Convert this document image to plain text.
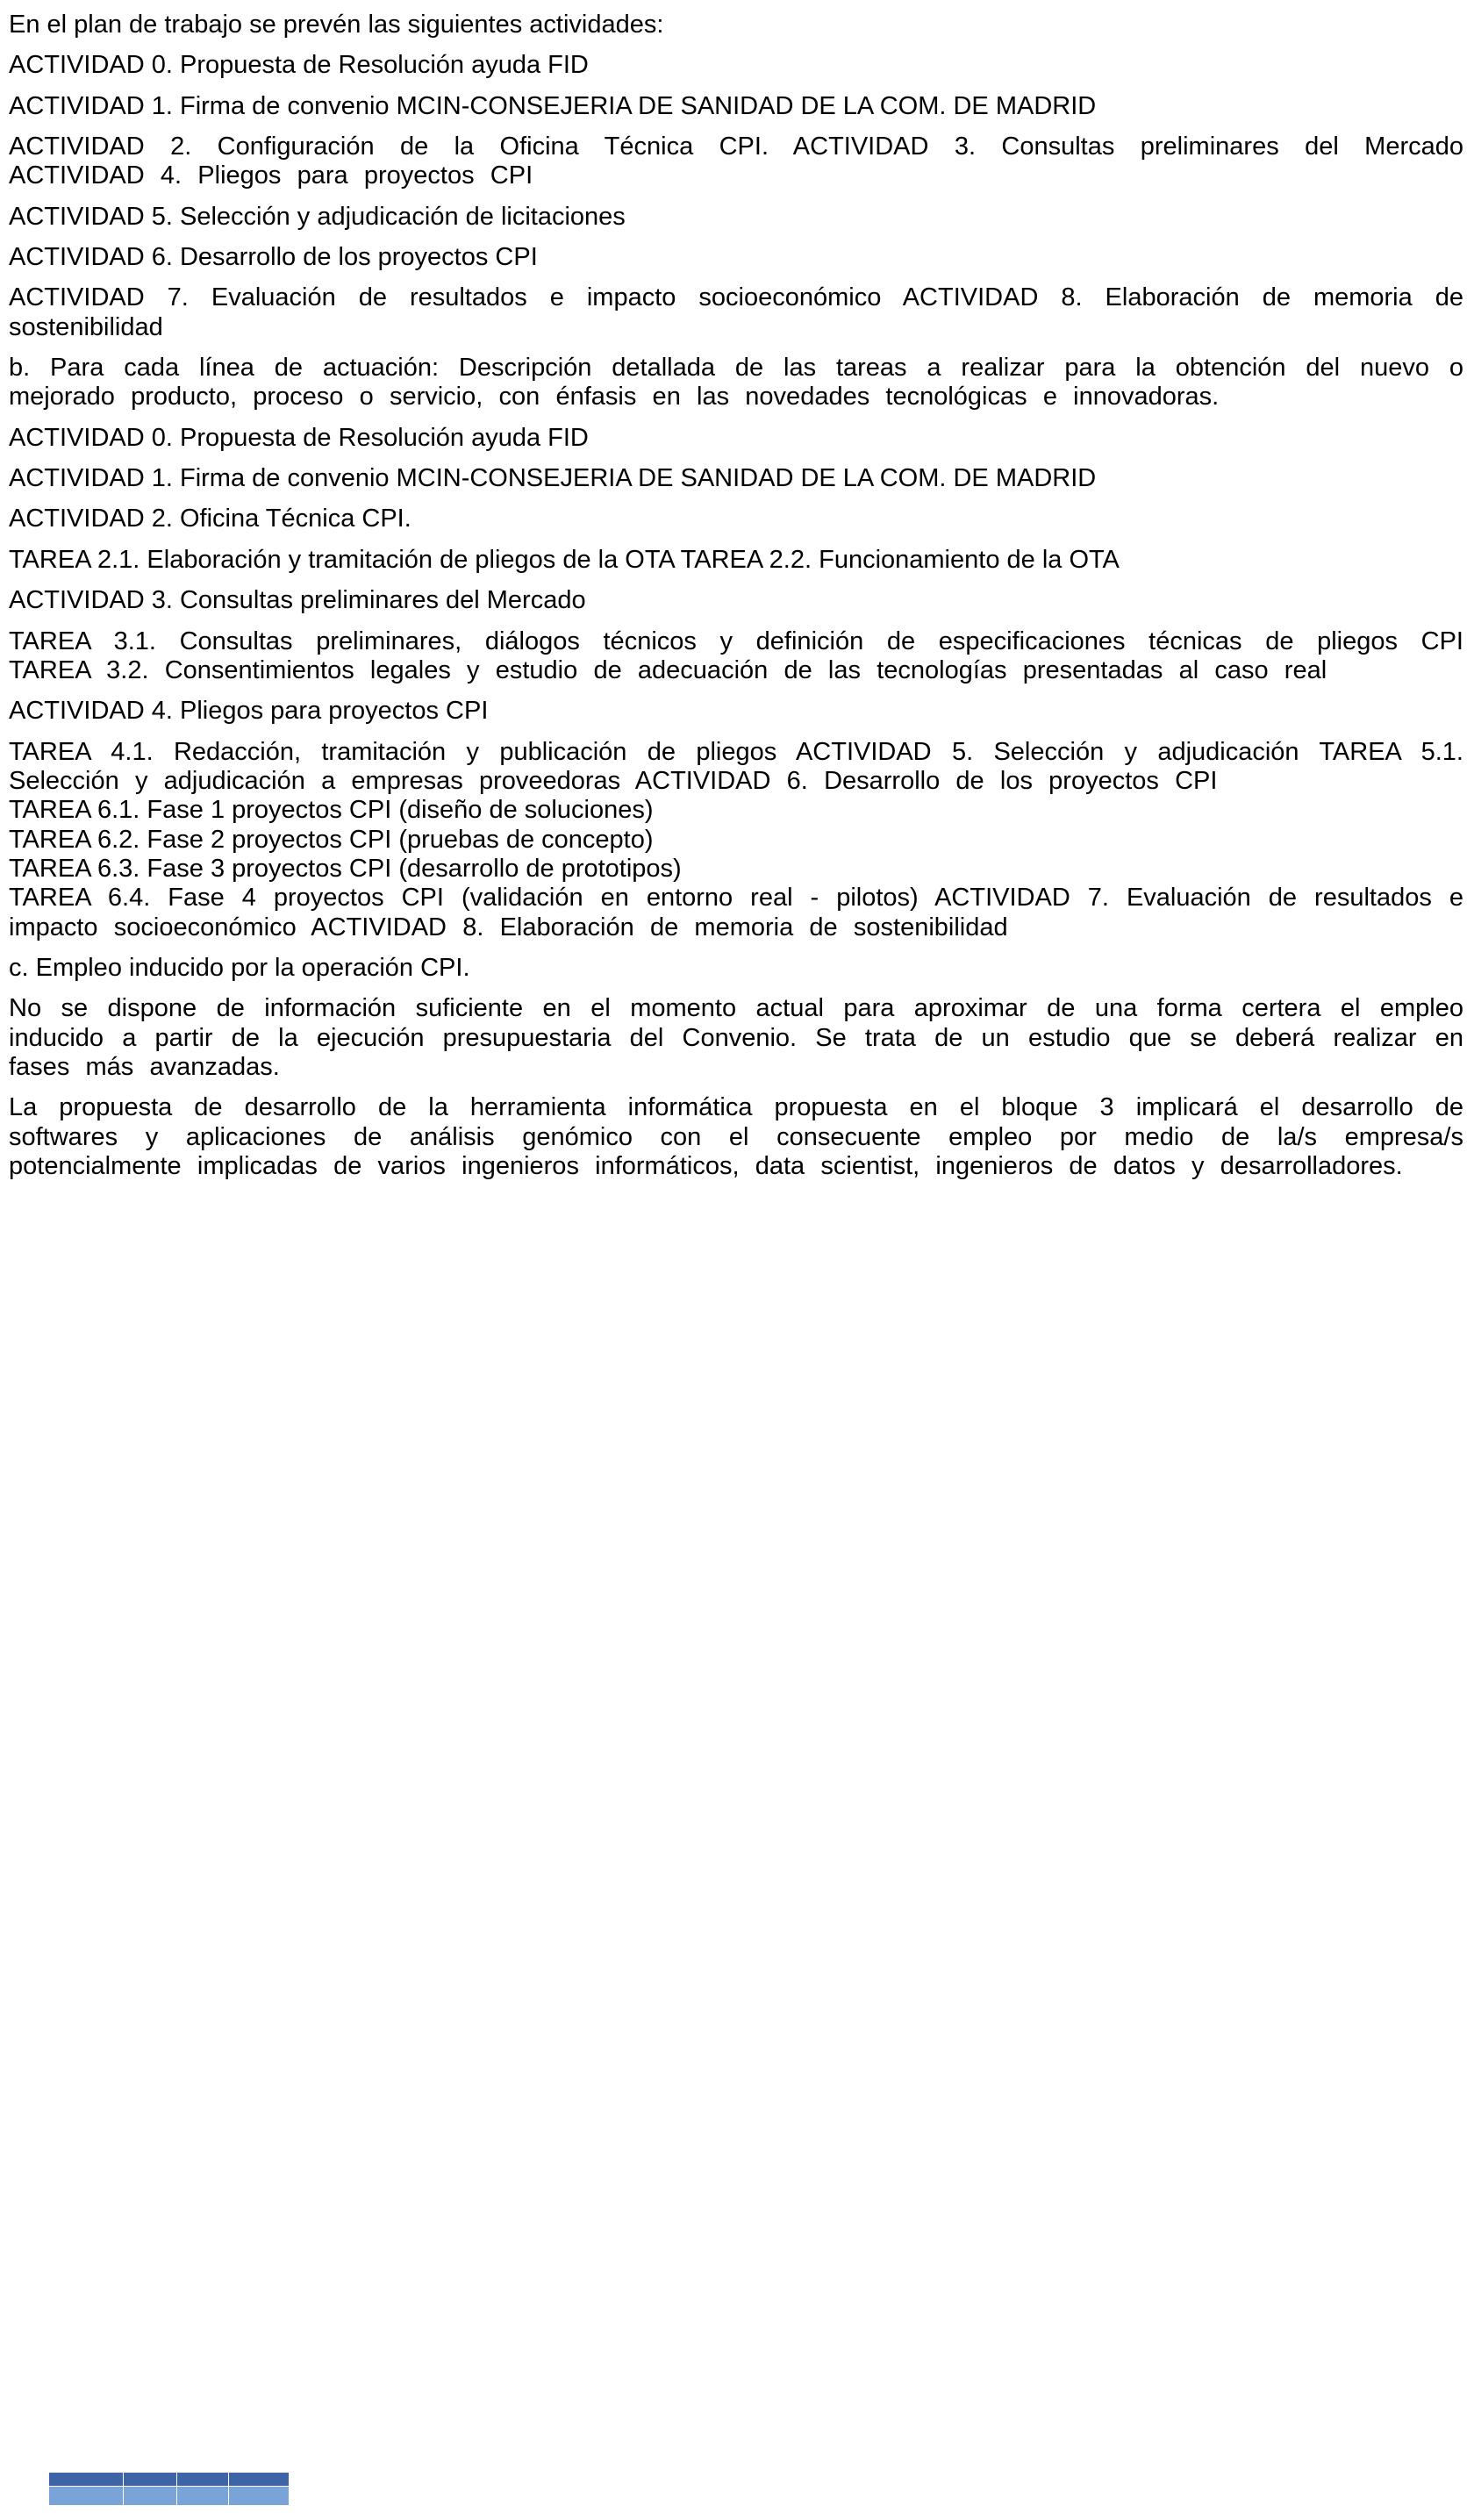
En el plan de trabajo se prevén las siguientes actividades:

ACTIVIDAD 0. Propuesta de Resolución ayuda FID

ACTIVIDAD 1. Firma de convenio MCIN-CONSEJERIA DE SANIDAD DE LA COM. DE MADRID

ACTIVIDAD 2. Configuración de la Oficina Técnica CPI. ACTIVIDAD 3. Consultas preliminares del Mercado ACTIVIDAD 4. Pliegos para proyectos CPI

ACTIVIDAD 5. Selección y adjudicación de licitaciones

ACTIVIDAD 6. Desarrollo de los proyectos CPI

ACTIVIDAD 7. Evaluación de resultados e impacto socioeconómico ACTIVIDAD 8. Elaboración de memoria de sostenibilidad

b. Para cada línea de actuación: Descripción detallada de las tareas a realizar para la obtención del nuevo o mejorado producto, proceso o servicio, con énfasis en las novedades tecnológicas e innovadoras.

ACTIVIDAD 0. Propuesta de Resolución ayuda FID

ACTIVIDAD 1. Firma de convenio MCIN-CONSEJERIA DE SANIDAD DE LA COM. DE MADRID

ACTIVIDAD 2. Oficina Técnica CPI.

TAREA 2.1. Elaboración y tramitación de pliegos de la OTA TAREA 2.2. Funcionamiento de la OTA

ACTIVIDAD 3. Consultas preliminares del Mercado

TAREA 3.1. Consultas preliminares, diálogos técnicos y definición de especificaciones técnicas de pliegos CPI TAREA 3.2. Consentimientos legales y estudio de adecuación de las tecnologías presentadas al caso real

ACTIVIDAD 4. Pliegos para proyectos CPI

TAREA 4.1. Redacción, tramitación y publicación de pliegos ACTIVIDAD 5. Selección y adjudicación TAREA 5.1. Selección y adjudicación a empresas proveedoras ACTIVIDAD 6. Desarrollo de los proyectos CPI

TAREA 6.1. Fase 1 proyectos CPI (diseño de soluciones)

TAREA 6.2. Fase 2 proyectos CPI (pruebas de concepto)

TAREA 6.3. Fase 3 proyectos CPI (desarrollo de prototipos)

TAREA 6.4. Fase 4 proyectos CPI (validación en entorno real - pilotos) ACTIVIDAD 7. Evaluación de resultados e impacto socioeconómico ACTIVIDAD 8. Elaboración de memoria de sostenibilidad

c. Empleo inducido por la operación CPI.

No se dispone de información suficiente en el momento actual para aproximar de una forma certera el empleo inducido a partir de la ejecución presupuestaria del Convenio. Se trata de un estudio que se deberá realizar en fases más avanzadas.

La propuesta de desarrollo de la herramienta informática propuesta en el bloque 3 implicará el desarrollo de softwares y aplicaciones de análisis genómico con el consecuente empleo por medio de la/s empresa/s potencialmente implicadas de varios ingenieros informáticos, data scientist, ingenieros de datos y desarrolladores.
